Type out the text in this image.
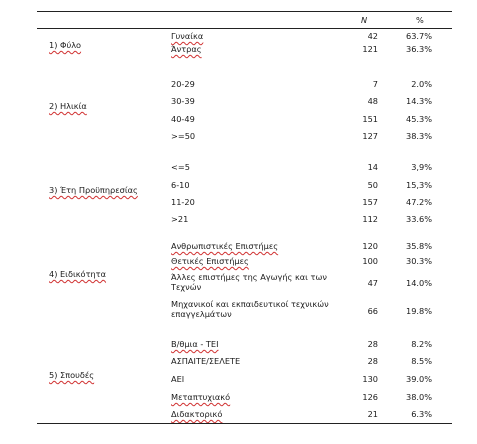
N	%
1) Φύλο
Γυναίκα	42	63.7%
Άντρας	121	36.3%
2) Ηλικία
20-29	7	2.0%
30-39	48	14.3%
40-49	151	45.3%
>=50	127	38.3%
3) Έτη Προϋπηρεσίας
<=5	14	3,9%
6-10	50	15,3%
11-20	157	47.2%
>21	112	33.6%
4) Ειδικότητα
Ανθρωπιστικές Επιστήμες	120	35.8%
Θετικές Επιστήμες	100	30.3%
Άλλες επιστήμες της Αγωγής και των Τεχνών	47	14.0%
Μηχανικοί και εκπαιδευτικοί τεχνικών επαγγελμάτων	66	19.8%
5) Σπουδές
Β/θμια - ΤΕΙ	28	8.2%
ΑΣΠΑΙΤΕ/ΣΕΛΕΤΕ	28	8.5%
ΑΕΙ	130	39.0%
Μεταπτυχιακό	126	38.0%
Διδακτορικό	21	6.3%
